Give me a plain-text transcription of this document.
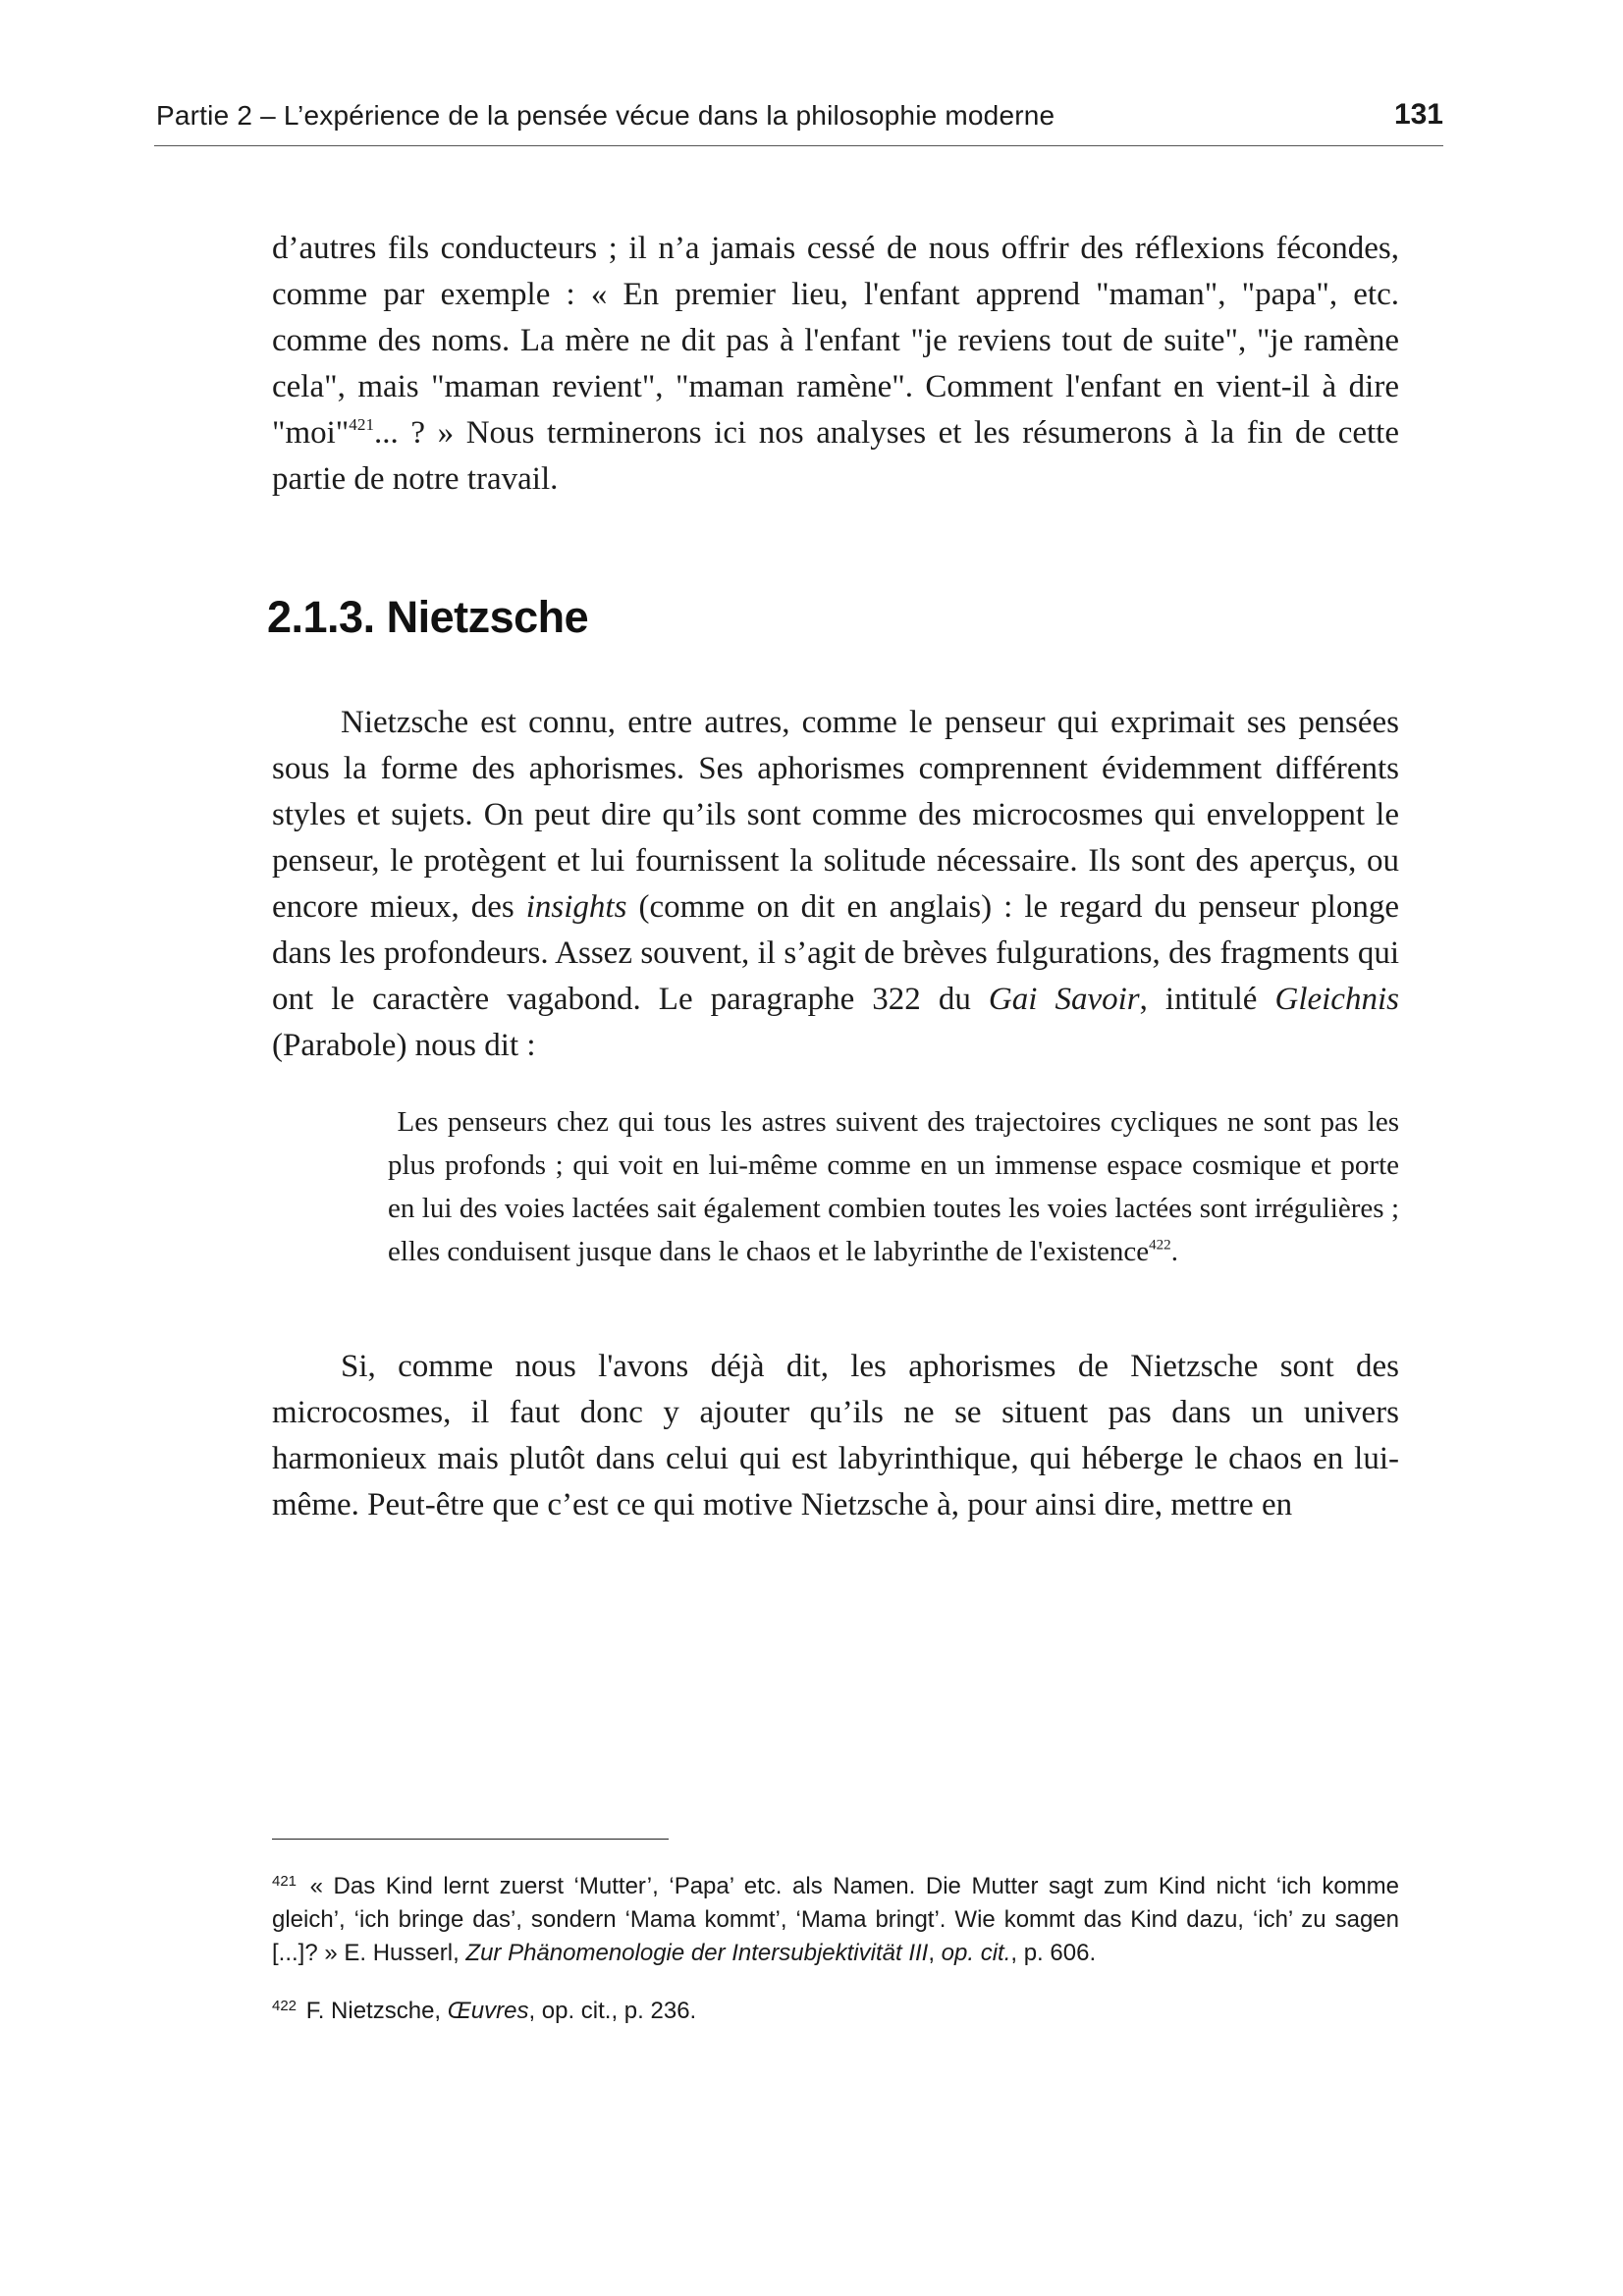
Partie 2 – L’expérience de la pensée vécue dans la philosophie moderne	131

d’autres fils conducteurs ; il n’a jamais cessé de nous offrir des réflexions fécondes, comme par exemple : « En premier lieu, l'enfant apprend "maman", "papa", etc. comme des noms. La mère ne dit pas à l'enfant "je reviens tout de suite", "je ramène cela", mais "maman revient", "maman ramène". Comment l'enfant en vient-il à dire "moi"$^{421}$... ? » Nous terminerons ici nos analyses et les résumerons à la fin de cette partie de notre travail.

2.1.3. Nietzsche

Nietzsche est connu, entre autres, comme le penseur qui exprimait ses pensées sous la forme des aphorismes. Ses aphorismes comprennent évidemment différents styles et sujets. On peut dire qu’ils sont comme des microcosmes qui enveloppent le penseur, le protègent et lui fournissent la solitude nécessaire. Ils sont des aperçus, ou encore mieux, des insights (comme on dit en anglais) : le regard du penseur plonge dans les profondeurs. Assez souvent, il s’agit de brèves fulgurations, des fragments qui ont le caractère vagabond. Le paragraphe 322 du Gai Savoir, intitulé Gleichnis (Parabole) nous dit :

Les penseurs chez qui tous les astres suivent des trajectoires cycliques ne sont pas les plus profonds ; qui voit en lui-même comme en un immense espace cosmique et porte en lui des voies lactées sait également combien toutes les voies lactées sont irrégulières ; elles conduisent jusque dans le chaos et le labyrinthe de l'existence$^{422}$.

Si, comme nous l'avons déjà dit, les aphorismes de Nietzsche sont des microcosmes, il faut donc y ajouter qu’ils ne se situent pas dans un univers harmonieux mais plutôt dans celui qui est labyrinthique, qui héberge le chaos en lui-même. Peut-être que c’est ce qui motive Nietzsche à, pour ainsi dire, mettre en

$^{421}$ « Das Kind lernt zuerst ‘Mutter’, ‘Papa’ etc. als Namen. Die Mutter sagt zum Kind nicht ‘ich komme gleich’, ‘ich bringe das’, sondern ‘Mama kommt’, ‘Mama bringt’. Wie kommt das Kind dazu, ‘ich’ zu sagen [...]? » E. Husserl, Zur Phänomenologie der Intersubjektivität III, op. cit., p. 606.

$^{422}$ F. Nietzsche, Œuvres, op. cit., p. 236.
